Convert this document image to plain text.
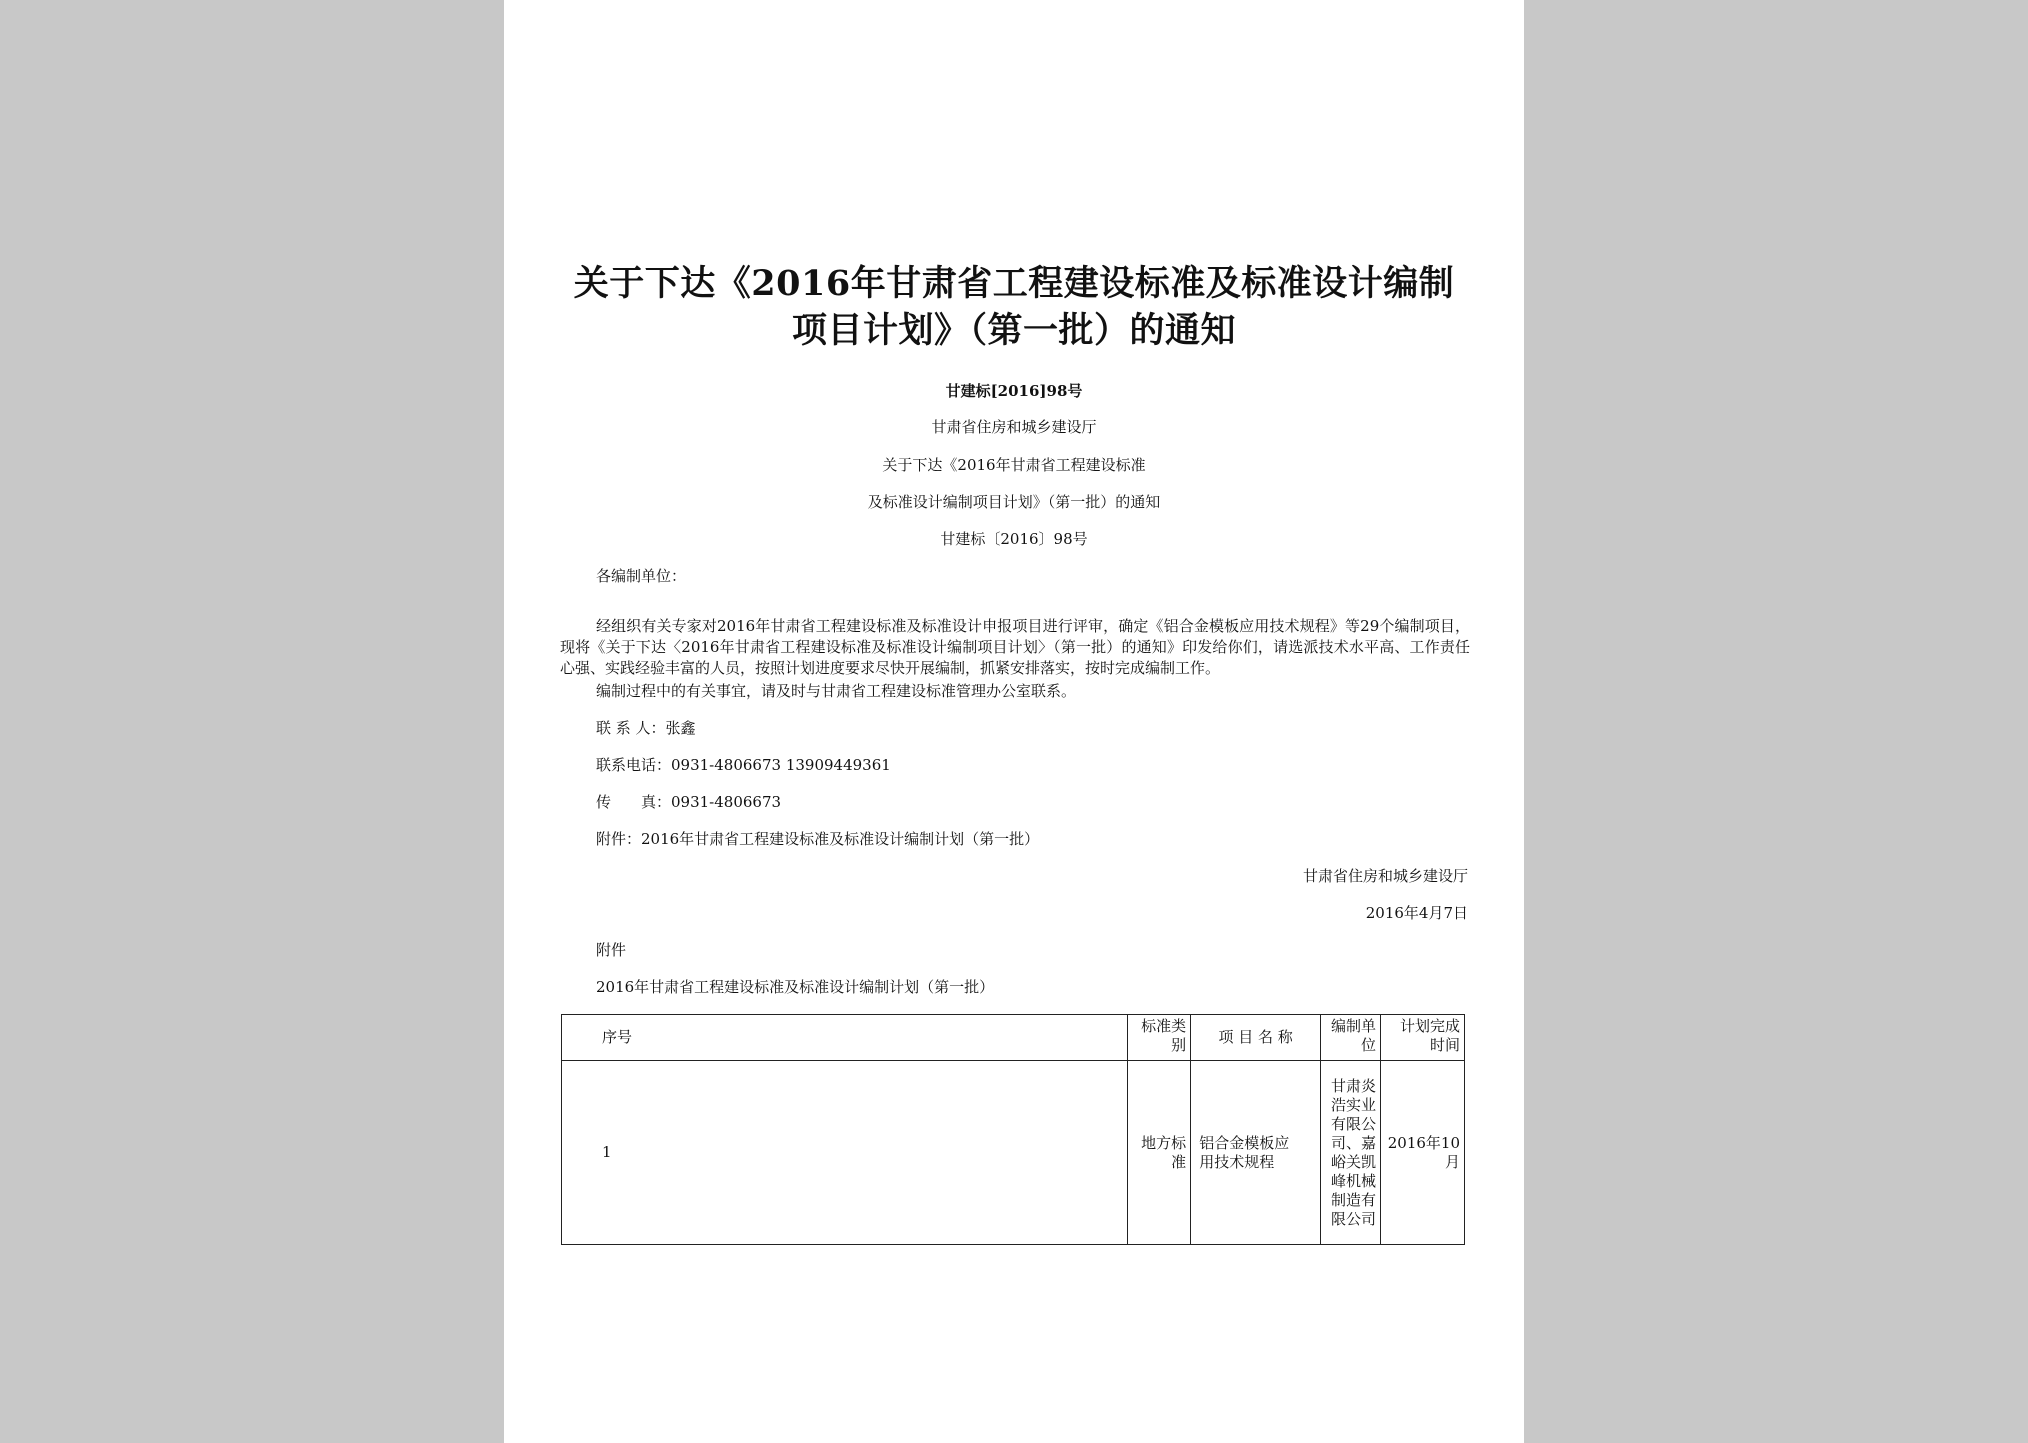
关于下达《2016年甘肃省工程建设标准及标准设计编制

项目计划》（第一批）的通知

甘建标[2016]98号

甘肃省住房和城乡建设厅

关于下达《2016年甘肃省工程建设标准

及标准设计编制项目计划》（第一批）的通知

甘建标〔2016〕98号

各编制单位：

经组织有关专家对2016年甘肃省工程建设标准及标准设计申报项目进行评审，确定《铝合金模板应用技术规程》等29个编制项目，现将《关于下达〈2016年甘肃省工程建设标准及标准设计编制项目计划〉（第一批）的通知》印发给你们，请选派技术水平高、工作责任心强、实践经验丰富的人员，按照计划进度要求尽快开展编制，抓紧安排落实，按时完成编制工作。

编制过程中的有关事宜，请及时与甘肃省工程建设标准管理办公室联系。

联 系 人：张鑫

联系电话：0931-4806673 13909449361

传　　真：0931-4806673

附件：2016年甘肃省工程建设标准及标准设计编制计划（第一批）

甘肃省住房和城乡建设厅

2016年4月7日

附件

2016年甘肃省工程建设标准及标准设计编制计划（第一批）

序号	标准类别	项 目 名 称	编制单位	计划完成时间
1	地方标准	铝合金模板应用技术规程	甘肃炎浩实业有限公司、嘉峪关凯峰机械制造有限公司	2016年10月
